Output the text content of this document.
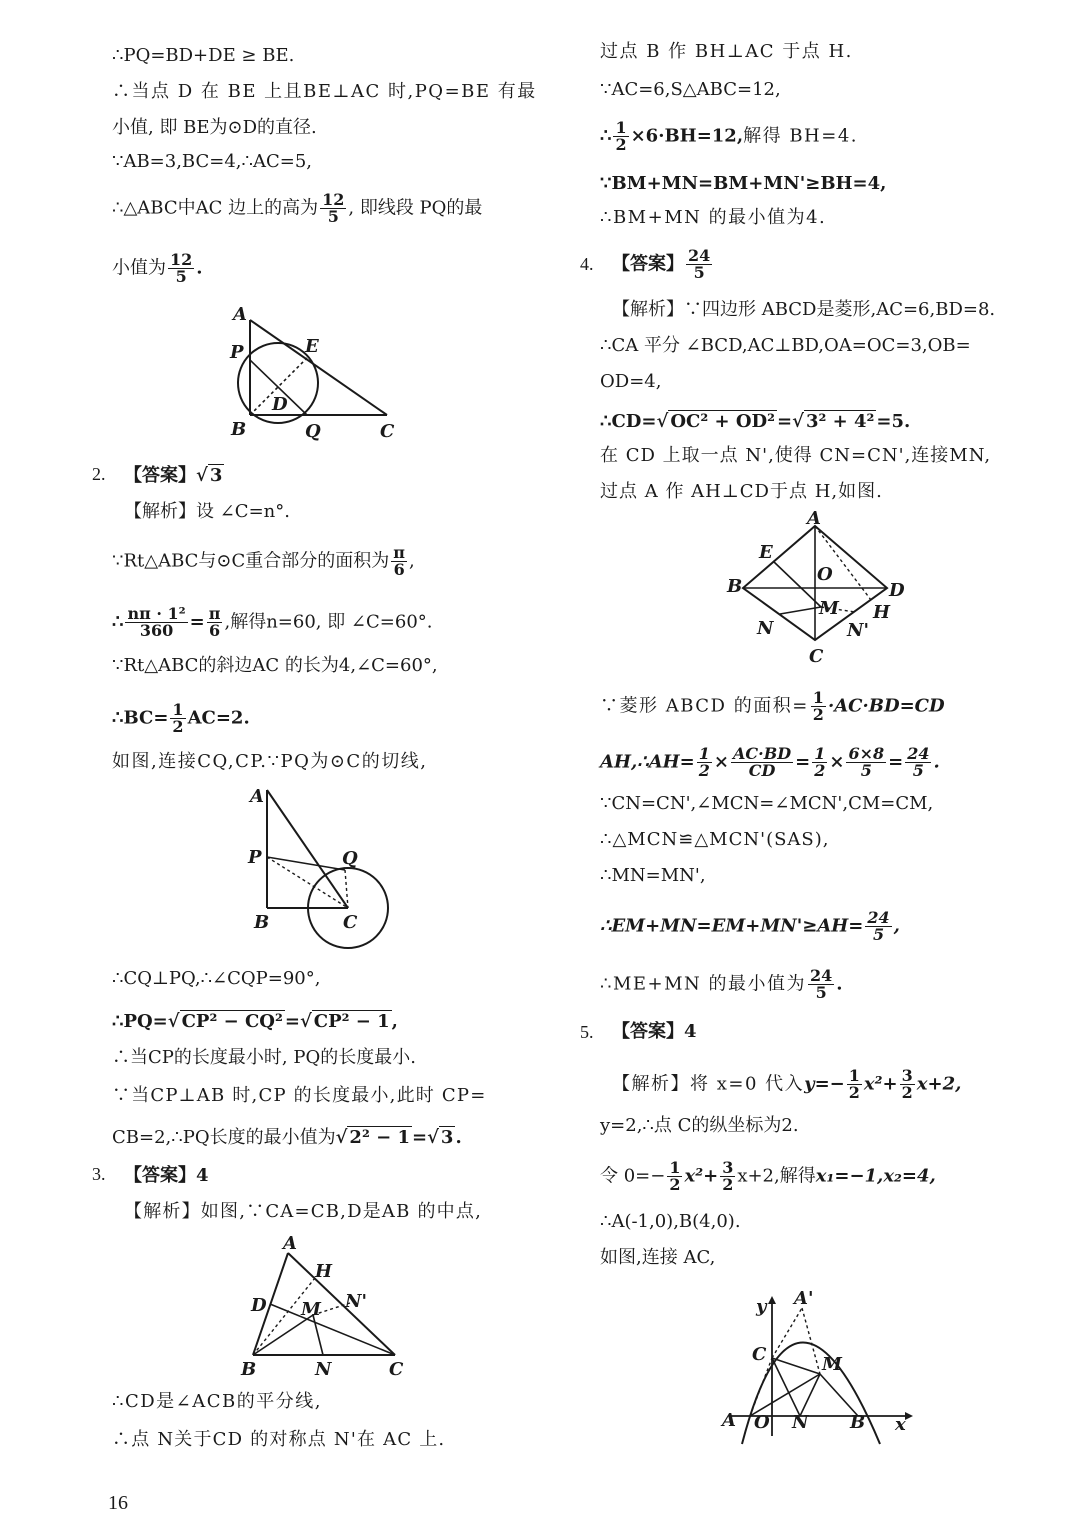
∴PQ=BD+DE ≥ BE.
∴当点 D 在 BE 上且BE⊥AC 时,PQ=BE 有最
小值, 即 BE为⊙D的直径.
∵AB=3,BC=4,∴AC=5,
∴△ABC中AC 边上的高为 $\frac{12}{5}$ , 即线段 PQ的最
小值为 $\frac{12}{5}$ .
A
P	E
D
B	Q	C
2. 【答案】√ 3
【解析】设 ∠C=n°.
∵Rt△ABC与⊙C重合部分的面积为 $\frac{\pi}{6}$ ,
∴ $\frac{\text{nπ · 1²}}{360} = \frac{\pi}{6}$ ,解得n=60, 即 ∠C=60°.
∵Rt△ABC的斜边AC 的长为4,∠C=60°,
∴BC= $\frac{1}{2} AC=2$.
如图,连接CQ,CP.∵PQ为⊙C的切线,
A
P	Q
B	C
∴CQ⊥PQ,∴∠CQP=90°,
∴PQ=√ CP² − CQ² =√ CP² − 1 ,
∴当CP的长度最小时, PQ的长度最小.
∵当CP⊥AB 时,CP 的长度最小,此时 CP=
CB=2,∴PQ长度的最小值为√ 2² − 1 =√ 3 .
3. 【答案】4
【解析】如图,∵CA=CB,D是AB 的中点,
A
H
D M N'
B	N	C
∴CD是∠ACB的平分线,
∴点 N关于CD 的对称点 N'在 AC 上.
过点 B 作 BH⊥AC 于点 H.
∵AC=6,S△ABC=12,
∴ $\frac{1}{2} \times 6\cdot BH=12$,解得 BH=4.
∵BM+MN=BM+MN'≥BH=4,
∴BM+MN 的最小值为4.
4. 【答案】 $\frac{24}{5}$
【解析】∵四边形 ABCD是菱形,AC=6,BD=8.
∴CA 平分 ∠BCD,AC⊥BD,OA=OC=3,OB=
OD=4,
∴CD=√ OC² + OD² =√ 3² + 4² =5.
在 CD 上取一点 N',使得 CN=CN',连接MN,
过点 A 作 AH⊥CD于点 H,如图.
A
E
O
B	D
M H
N	N'
C
∵菱形 ABCD 的面积= $\frac{1}{2} \cdot AC\cdot BD=CD$
AH,∴AH= $\frac{1}{2} \times \frac{AC\cdot BD}{CD} = \frac{1}{2} \times \frac{6\times 8}{5} = \frac{24}{5}$ .
∵CN=CN',∠MCN=∠MCN',CM=CM,
∴△MCN≌△MCN'(SAS),
∴MN=MN',
∴EM+MN=EM+MN'≥AH= $\frac{24}{5}$ ,
∴ME+MN 的最小值为 $\frac{24}{5}$ .
5. 【答案】4
【解析】将 x=0 代入$y=- \frac{1}{2} x^2+ \frac{3}{2} x+2$,
y=2,∴点 C的纵坐标为2.
令 $0=- \frac{1}{2} x^2+ \frac{3}{2} x+2$,解得x₁=−1,x₂=4,
∴A(-1,0),B(4,0).
如图,连接 AC,
y A'
C	M
A O N B x
16
